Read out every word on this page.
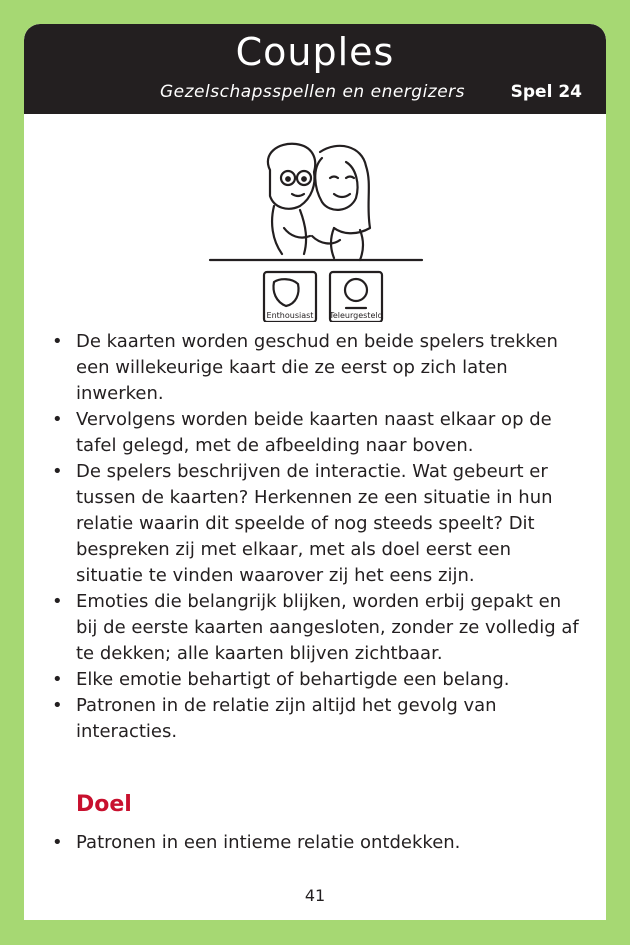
Couples
Gezelschapsspellen en energizers	Spel 24
Enthousiast Teleurgesteld
• De kaarten worden geschud en beide spelers trekken een willekeurige kaart die ze eerst op zich laten inwerken.
• Vervolgens worden beide kaarten naast elkaar op de tafel gelegd, met de afbeelding naar boven.
• De spelers beschrijven de interactie. Wat gebeurt er tussen de kaarten? Herkennen ze een situatie in hun relatie waarin dit speelde of nog steeds speelt? Dit bespreken zij met elkaar, met als doel eerst een situatie te vinden waarover zij het eens zijn.
• Emoties die belangrijk blijken, worden erbij gepakt en bij de eerste kaarten aangesloten, zonder ze volledig af te dekken; alle kaarten blijven zichtbaar.
• Elke emotie behartigt of behartigde een belang.
• Patronen in de relatie zijn altijd het gevolg van interacties.
Doel
• Patronen in een intieme relatie ontdekken.
41
